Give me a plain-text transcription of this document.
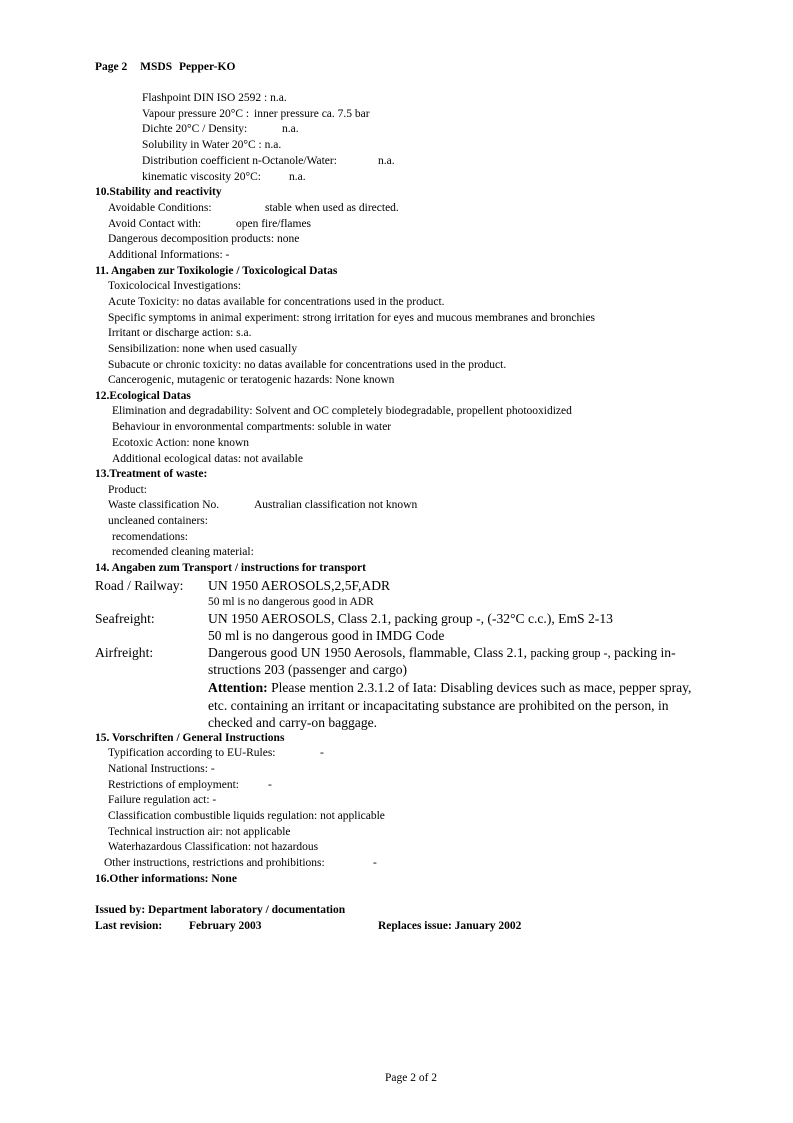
Page 2 MSDS Pepper-KO
Flashpoint DIN ISO 2592 : n.a.
Vapour pressure 20°C : inner pressure ca. 7.5 bar
Dichte 20°C / Density:	n.a.
Solubility in Water 20°C : n.a.
Distribution coefficient n-Octanole/Water:	n.a.
kinematic viscosity 20°C: n.a.
10.Stability and reactivity
Avoidable Conditions:	stable when used as directed.
Avoid Contact with:	open fire/flames
Dangerous decomposition products: none
Additional Informations: -
11. Angaben zur Toxikologie / Toxicological Datas
Toxicolocical Investigations:
Acute Toxicity: no datas available for concentrations used in the product.
Specific symptoms in animal experiment: strong irritation for eyes and mucous membranes and bronchies
Irritant or discharge action: s.a.
Sensibilization: none when used casually
Subacute or chronic toxicity: no datas available for concentrations used in the product.
Cancerogenic, mutagenic or teratogenic hazards: None known
12.Ecological Datas
Elimination and degradability: Solvent and OC completely biodegradable, propellent photooxidized
Behaviour in envoronmental compartments: soluble in water
Ecotoxic Action: none known
Additional ecological datas: not available
13.Treatment of waste:
Product:
Waste classification No.	Australian classification not known
uncleaned containers:
recomendations:
recomended cleaning material:
14. Angaben zum Transport / instructions for transport
Road / Railway: UN 1950 AEROSOLS,2,5F,ADR
50 ml is no dangerous good in ADR
Seafreight:	UN 1950 AEROSOLS, Class 2.1, packing group -, (-32°C c.c.), EmS 2-13
50 ml is no dangerous good in IMDG Code
Airfreight:	Dangerous good UN 1950 Aerosols, flammable, Class 2.1, packing group -, packing in-
structions 203 (passenger and cargo)
Attention: Please mention 2.3.1.2 of Iata: Disabling devices such as mace, pepper spray,
etc. containing an irritant or incapacitating substance are prohibited on the person, in
checked and carry-on baggage.
15. Vorschriften / General Instructions
Typification according to EU-Rules:	-
National Instructions: -
Restrictions of employment:	-
Failure regulation act: -
Classification combustible liquids regulation: not applicable
Technical instruction air: not applicable
Waterhazardous Classification: not hazardous
Other instructions, restrictions and prohibitions:	-
16.Other informations: None
Issued by: Department laboratory / documentation
Last revision: February 2003	Replaces issue: January 2002
Page 2 of 2
